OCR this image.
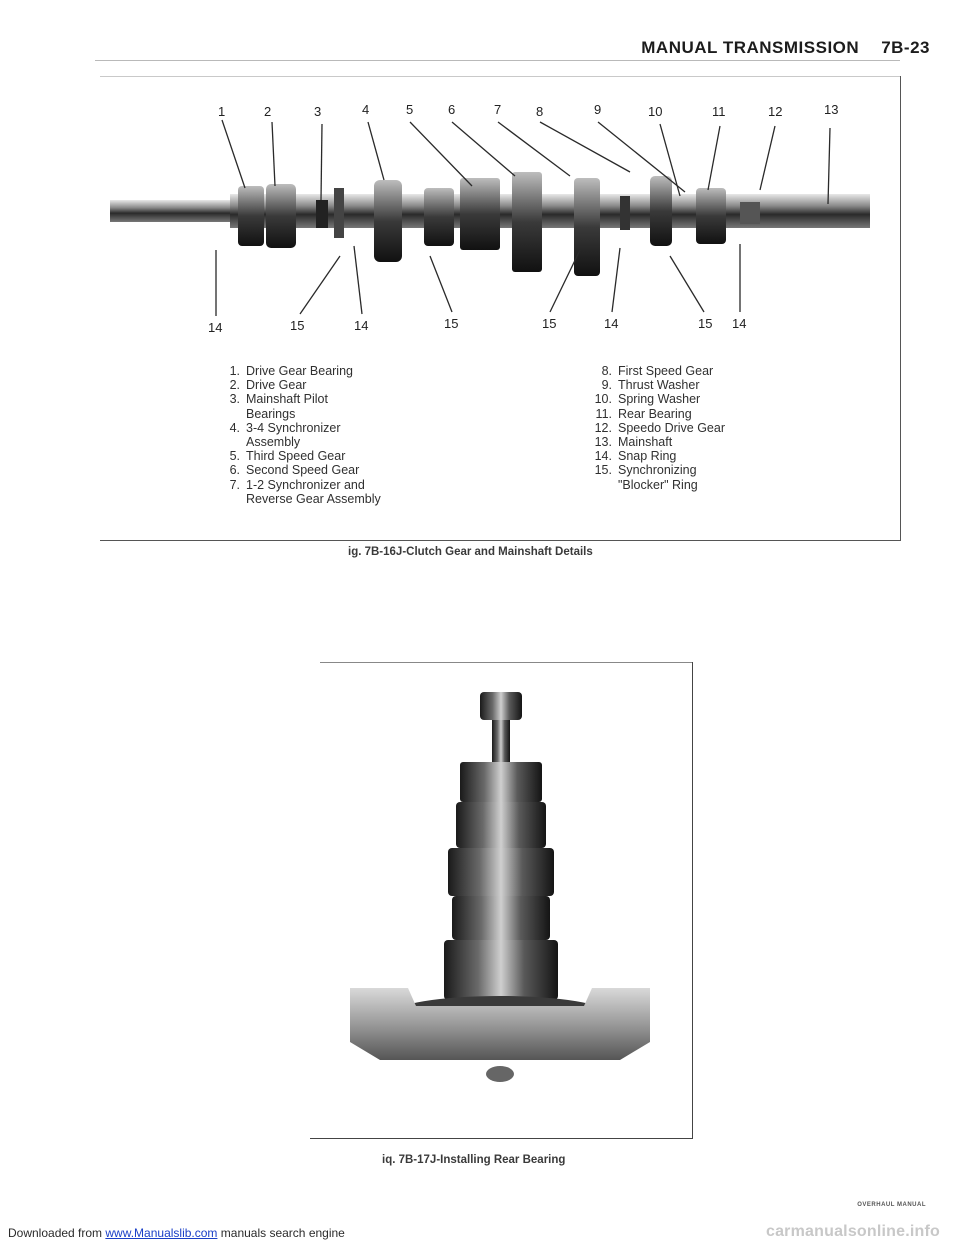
MANUAL TRANSMISSION 7B-23
1	2	3	4	5	6	7	8	9	10	11	12	13
14	15	14	15	15	14	15 14
1. Drive Gear Bearing
2. Drive Gear
3. Mainshaft Pilot
Bearings
4. 3-4 Synchronizer
Assembly
5. Third Speed Gear
6. Second Speed Gear
7. 1-2 Synchronizer and
Reverse Gear Assembly
8. First Speed Gear
9. Thrust Washer
10. Spring Washer
11. Rear Bearing
12. Speedo Drive Gear
13. Mainshaft
14. Snap Ring
15. Synchronizing
"Blocker" Ring
ig. 7B-16J-Clutch Gear and Mainshaft Details
iq. 7B-17J-Installing Rear Bearing
OVERHAUL MANUAL
Downloaded from www.Manualslib.com manuals search engine	carmanualsonline.info
